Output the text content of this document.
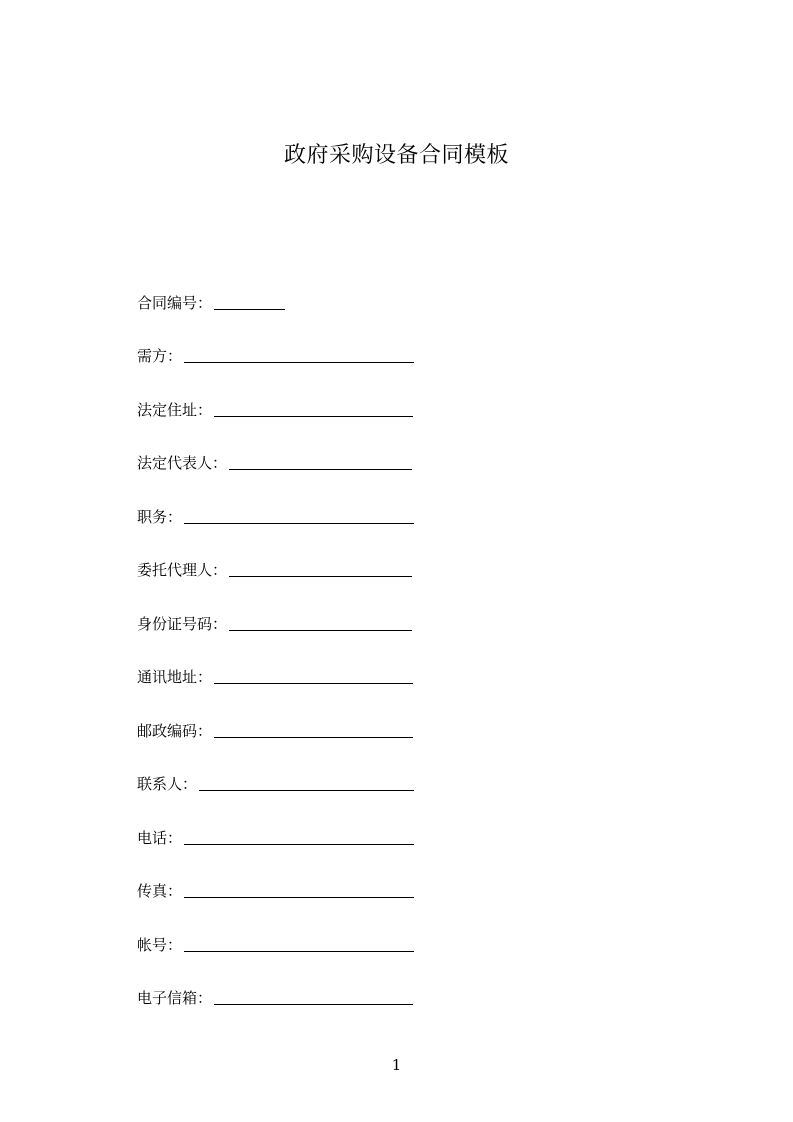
政府采购设备合同模板
合同编号：
需方：
法定住址：
法定代表人：
职务：
委托代理人：
身份证号码：
通讯地址：
邮政编码：
联系人：
电话：
传真：
帐号：
电子信箱：
1
